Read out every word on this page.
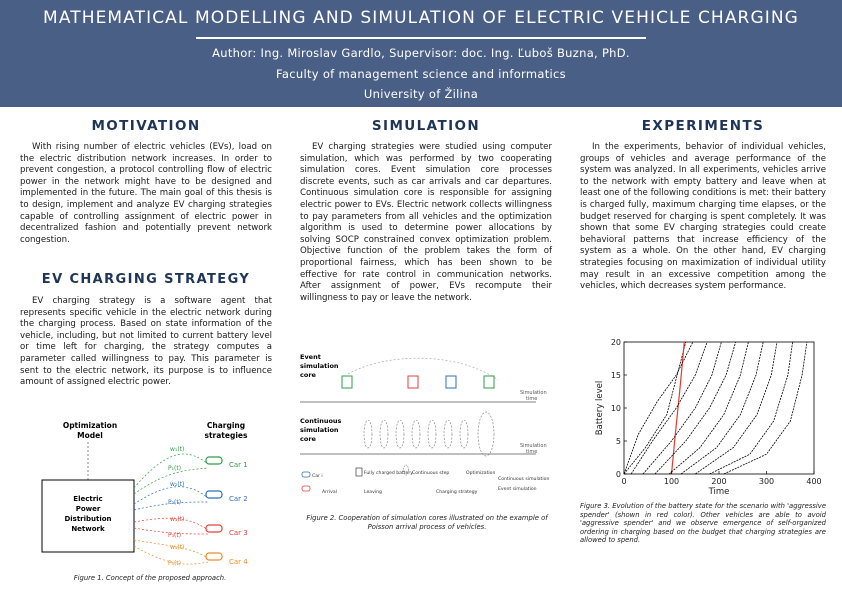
MATHEMATICAL MODELLING AND SIMULATION OF ELECTRIC VEHICLE CHARGING
Author: Ing. Miroslav Gardlo, Supervisor: doc. Ing. Ľuboš Buzna, PhD.
Faculty of management science and informatics
University of Žilina
MOTIVATION
With rising number of electric vehicles (EVs), load on the electric distribution network increases. In order to prevent congestion, a protocol controlling flow of electric power in the network might have to be designed and implemented in the future. The main goal of this thesis is to design, implement and analyze EV charging strategies capable of controlling assignment of electric power in decentralized fashion and potentially prevent network congestion.
EV CHARGING STRATEGY
EV charging strategy is a software agent that represents specific vehicle in the electric network during the charging process. Based on state information of the vehicle, including, but not limited to current battery level or time left for charging, the strategy computes a parameter called willingness to pay. This parameter is sent to the electric network, its purpose is to influence amount of assigned electric power.
Optimization
Model
Charging
strategies
Electric
Power
Distribution
Network
w₁(t)
P₁(t)	Car 1
w₂(t)
P₂(t)	Car 2
w₃(t)
P₃(t)	Car 3
w₄(t)
P₄(t)	Car 4
Figure 1. Concept of the proposed approach.
SIMULATION
EV charging strategies were studied using computer simulation, which was performed by two cooperating simulation cores. Event simulation core processes discrete events, such as car arrivals and car departures. Continuous simulation core is responsible for assigning electric power to EVs. Electric network collects willingness to pay parameters from all vehicles and the optimization algorithm is used to determine power allocations by solving SOCP constrained convex optimization problem. Objective function of the problem takes the form of proportional fairness, which has been shown to be effective for rate control in communication networks. After assignment of power, EVs recompute their willingness to pay or leave the network.
Event
simulation
core
Simulation
time
Continuous
simulation
core
Simulation
time
Car i
Arrival
Fully charged battery
Leaving
Continuous step
Charging strategy
Optimization
Continuous simulation
Event simulation
Figure 2. Cooperation of simulation cores illustrated on the example of Poisson arrival process of vehicles.
EXPERIMENTS
In the experiments, behavior of individual vehicles, groups of vehicles and average performance of the system was analyzed. In all experiments, vehicles arrive to the network with empty battery and leave when at least one of the following conditions is met: their battery is charged fully, maximum charging time elapses, or the budget reserved for charging is spent completely. It was shown that some EV charging strategies could create behavioral patterns that increase efficiency of the system as a whole. On the other hand, EV charging strategies focusing on maximization of individual utility may result in an excessive competition among the vehicles, which decreases system performance.
0	100	200	300	400
0
5
10
15
20
Time
Battery level
Figure 3. Evolution of the battery state for the scenario with 'aggressive spender' (shown in red color). Other vehicles are able to avoid 'aggressive spender' and we observe emergence of self-organized ordering in charging based on the budget that charging strategies are allowed to spend.
